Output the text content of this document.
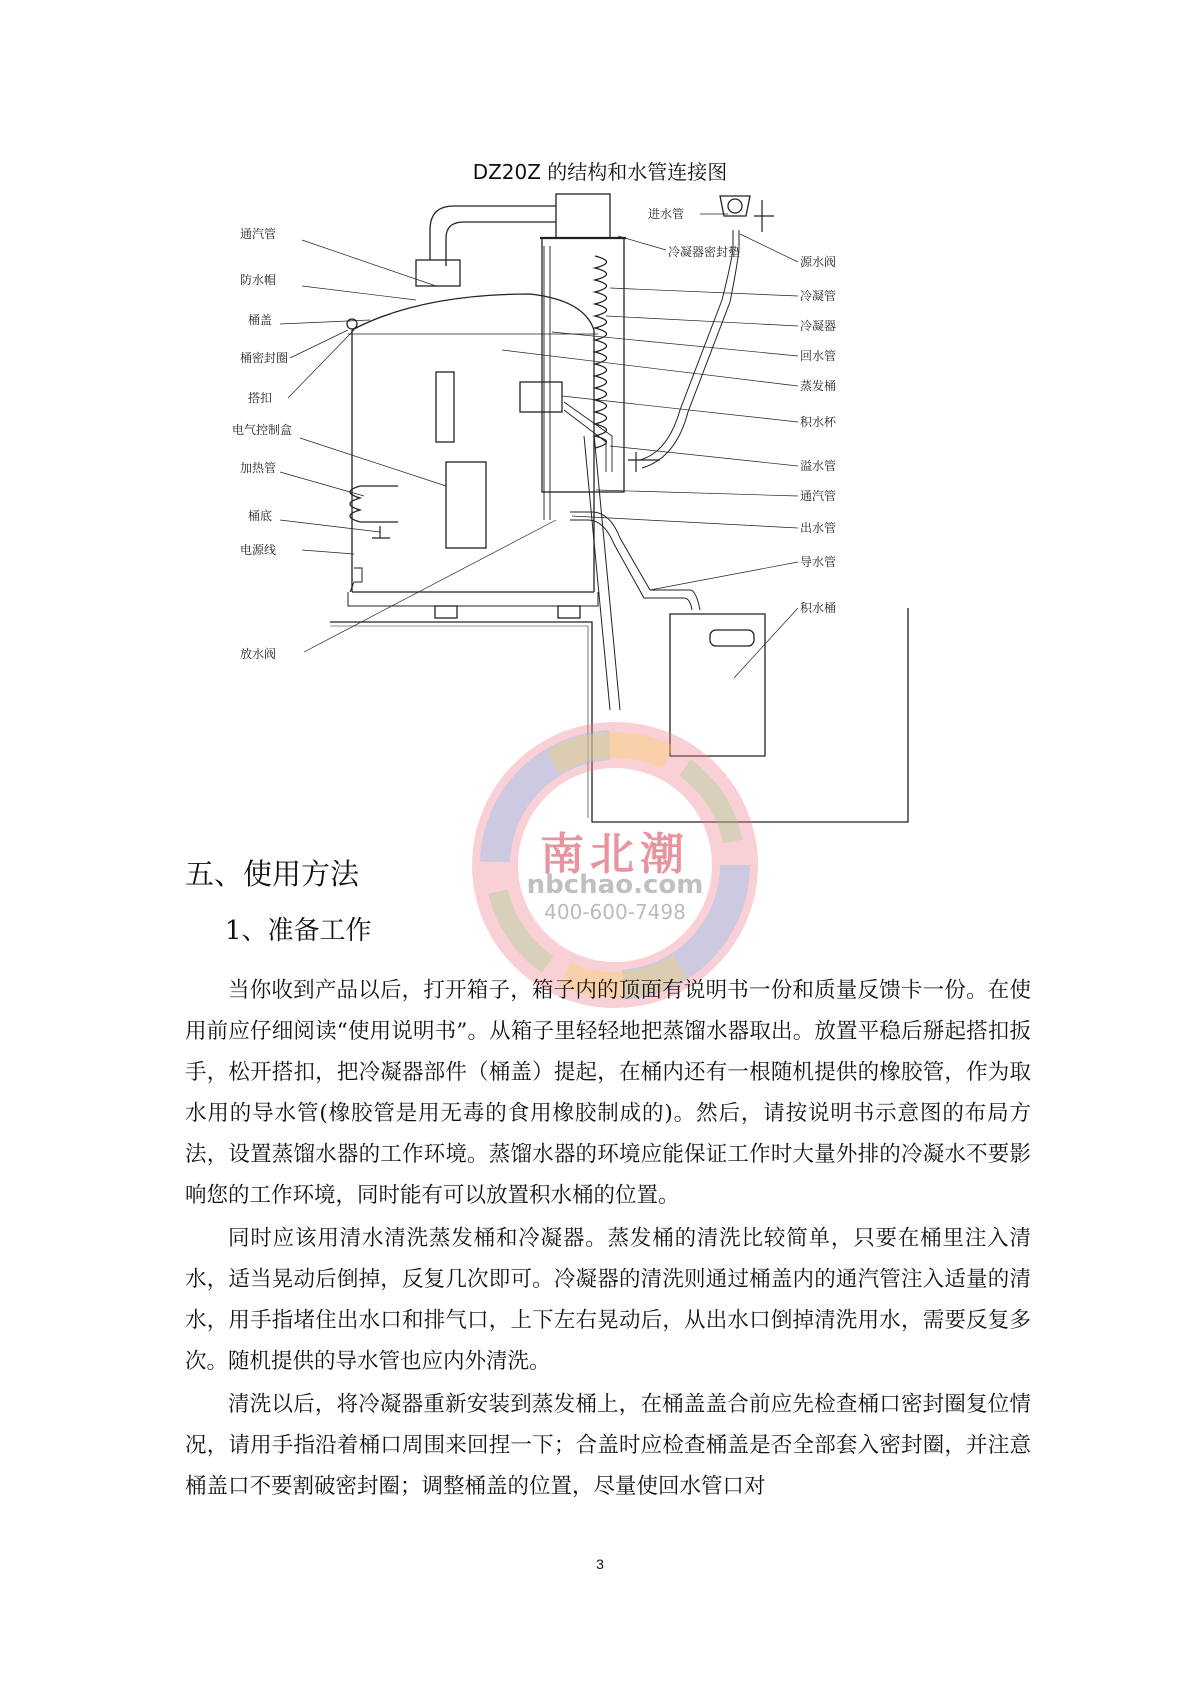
DZ20Z 的结构和水管连接图
通汽管
防水帽
桶盖
桶密封圈
搭扣
电气控制盒
加热管
桶底
电源线
放水阀
进水管
源水阀
冷凝器密封垫
冷凝管
冷凝器
回水管
蒸发桶
积水杯
溢水管
通汽管
出水管
导水管
积水桶
南北潮
nbchao.com
400-600-7498
五、使用方法
1、准备工作

当你收到产品以后，打开箱子，箱子内的顶面有说明书一份和质量反馈卡一份。在使用前应仔细阅读“使用说明书”。从箱子里轻轻地把蒸馏水器取出。放置平稳后掰起搭扣扳手，松开搭扣，把冷凝器部件（桶盖）提起，在桶内还有一根随机提供的橡胶管，作为取水用的导水管(橡胶管是用无毒的食用橡胶制成的)。然后，请按说明书示意图的布局方法，设置蒸馏水器的工作环境。蒸馏水器的环境应能保证工作时大量外排的冷凝水不要影响您的工作环境，同时能有可以放置积水桶的位置。

同时应该用清水清洗蒸发桶和冷凝器。蒸发桶的清洗比较简单，只要在桶里注入清水，适当晃动后倒掉，反复几次即可。冷凝器的清洗则通过桶盖内的通汽管注入适量的清水，用手指堵住出水口和排气口，上下左右晃动后，从出水口倒掉清洗用水，需要反复多次。随机提供的导水管也应内外清洗。

清洗以后，将冷凝器重新安装到蒸发桶上，在桶盖盖合前应先检查桶口密封圈复位情况，请用手指沿着桶口周围来回捏一下；合盖时应检查桶盖是否全部套入密封圈，并注意桶盖口不要割破密封圈；调整桶盖的位置，尽量使回水管口对

3
